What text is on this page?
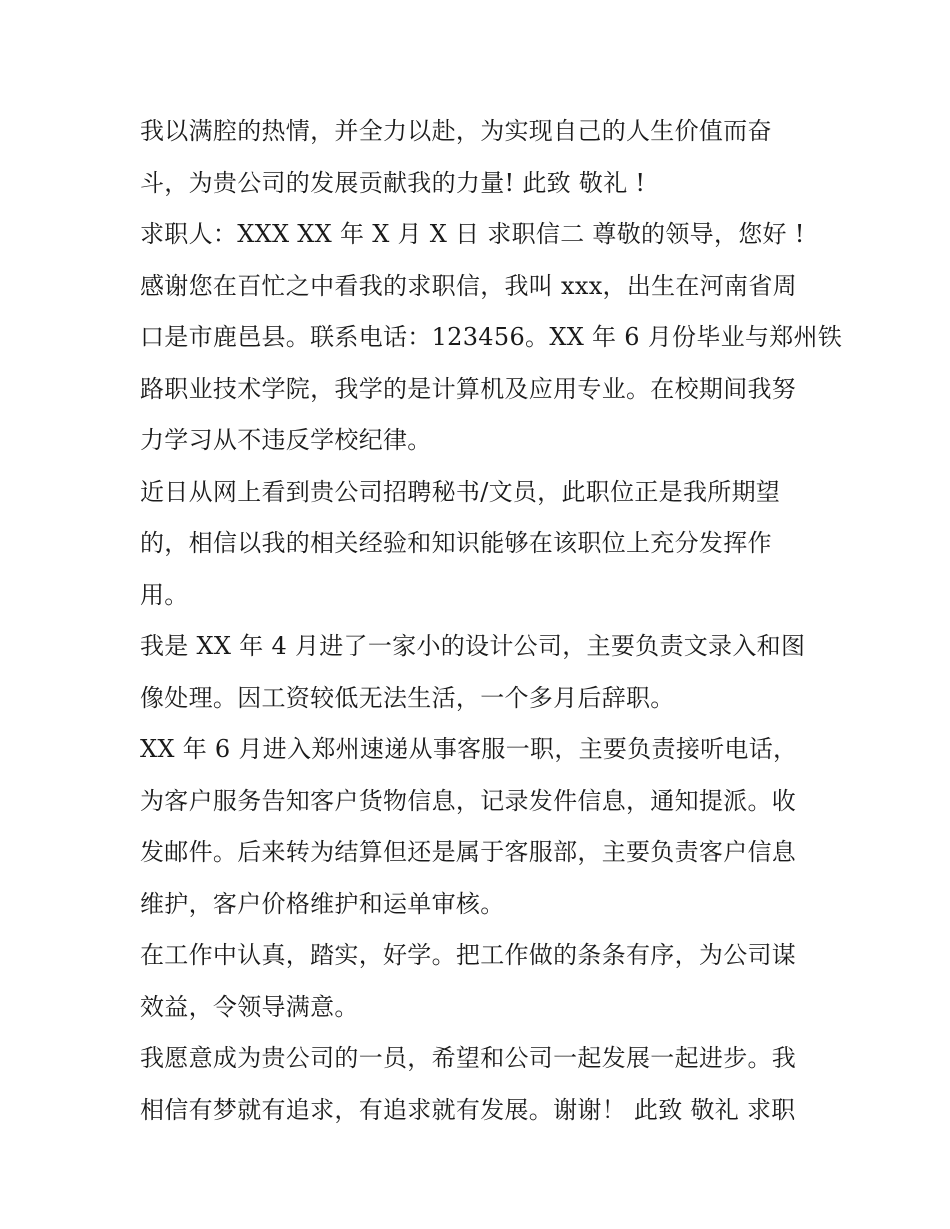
我以满腔的热情，并全力以赴，为实现自己的人生价值而奋
斗，为贵公司的发展贡献我的力量! 此致 敬礼 !
求职人：XXX XX 年 X 月 X 日 求职信二 尊敬的领导，您好 !
感谢您在百忙之中看我的求职信，我叫 xxx，出生在河南省周
口是市鹿邑县。联系电话：123456。XX 年 6 月份毕业与郑州铁
路职业技术学院，我学的是计算机及应用专业。在校期间我努
力学习从不违反学校纪律。
近日从网上看到贵公司招聘秘书/文员，此职位正是我所期望
的，相信以我的相关经验和知识能够在该职位上充分发挥作
用。
我是 XX 年 4 月进了一家小的设计公司，主要负责文录入和图
像处理。因工资较低无法生活，一个多月后辞职。
XX 年 6 月进入郑州速递从事客服一职，主要负责接听电话，
为客户服务告知客户货物信息，记录发件信息，通知提派。收
发邮件。后来转为结算但还是属于客服部，主要负责客户信息
维护，客户价格维护和运单审核。
在工作中认真，踏实，好学。把工作做的条条有序，为公司谋
效益，令领导满意。
我愿意成为贵公司的一员，希望和公司一起发展一起进步。我
相信有梦就有追求，有追求就有发展。谢谢！ 此致 敬礼 求职
